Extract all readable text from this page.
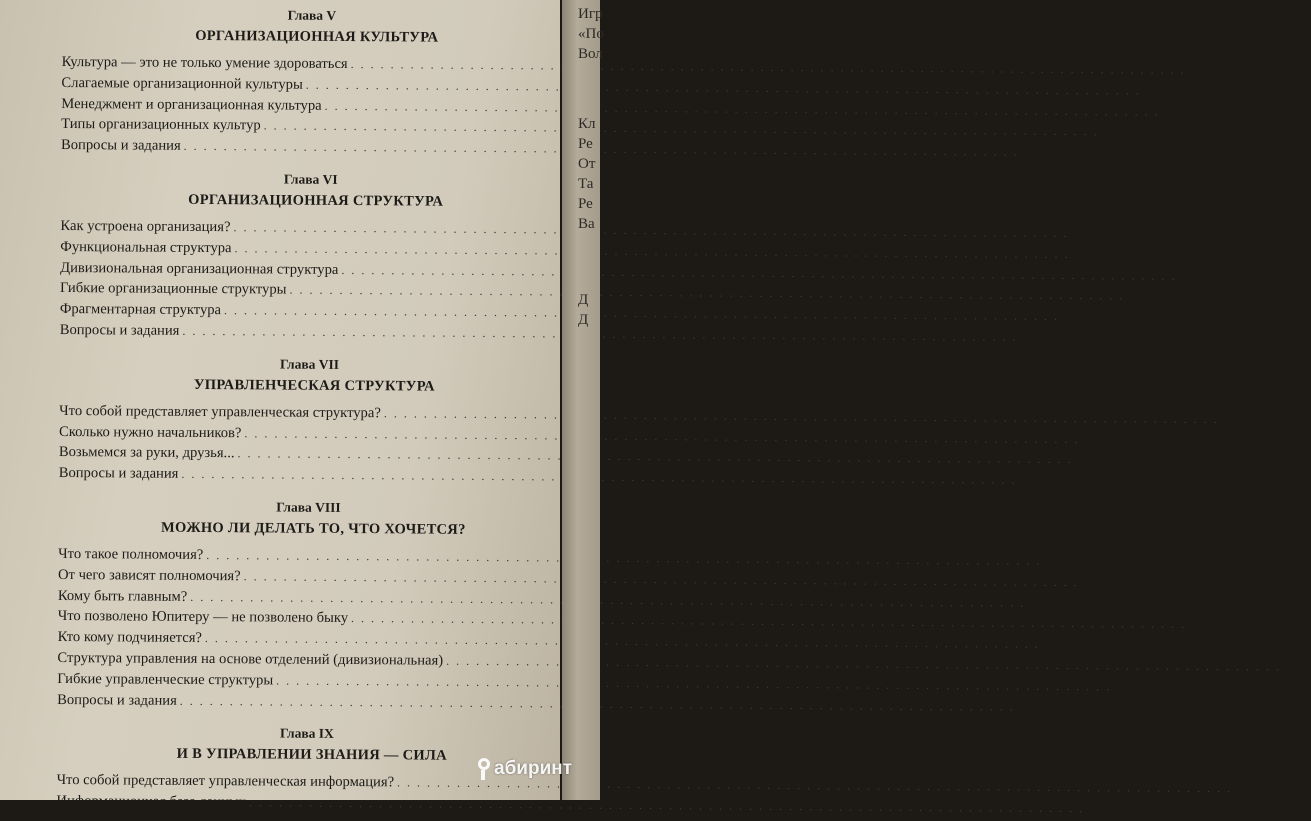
Глава V
ОРГАНИЗАЦИОННАЯ КУЛЬТУРА
Культура — это не только умение здороваться . . .	58
Слагаемые организационной культуры . . .	61
Менеджмент и организационная культура . . .	63
Типы организационных культур . . .	65
Вопросы и задания . . .	69
Глава VI
ОРГАНИЗАЦИОННАЯ СТРУКТУРА
Как устроена организация? . . .	71
Функциональная структура . . .	72
Дивизиональная организационная структура . . .	74
Гибкие организационные структуры . . .	77
Фрагментарная структура . . .	79
Вопросы и задания . . .	82
Глава VII
УПРАВЛЕНЧЕСКАЯ СТРУКТУРА
Что собой представляет управленческая структура? . . .	83
Сколько нужно начальников? . . .	84
Возьмемся за руки, друзья... . . .	87
Вопросы и задания . . .	90
Глава VIII
МОЖНО ЛИ ДЕЛАТЬ ТО, ЧТО ХОЧЕТСЯ?
Что такое полномочия? . . .	91
От чего зависят полномочия? . . .	93
Кому быть главным? . . .	94
Что позволено Юпитеру — не позволено быку . . .	96
Кто кому подчиняется? . . .	99
Структура управления на основе отделений (дивизиональная) . . .	103
Гибкие управленческие структуры . . .	105
Вопросы и задания . . .	106
Глава IX
И В УПРАВЛЕНИИ ЗНАНИЯ — СИЛА
Что собой представляет управленческая информация? . . .	108
Информационная база данных . . .	110
Игр
«По
Вол
Кл
Ре
От
Та
Ре
Ва
Д
Д
абиринт
